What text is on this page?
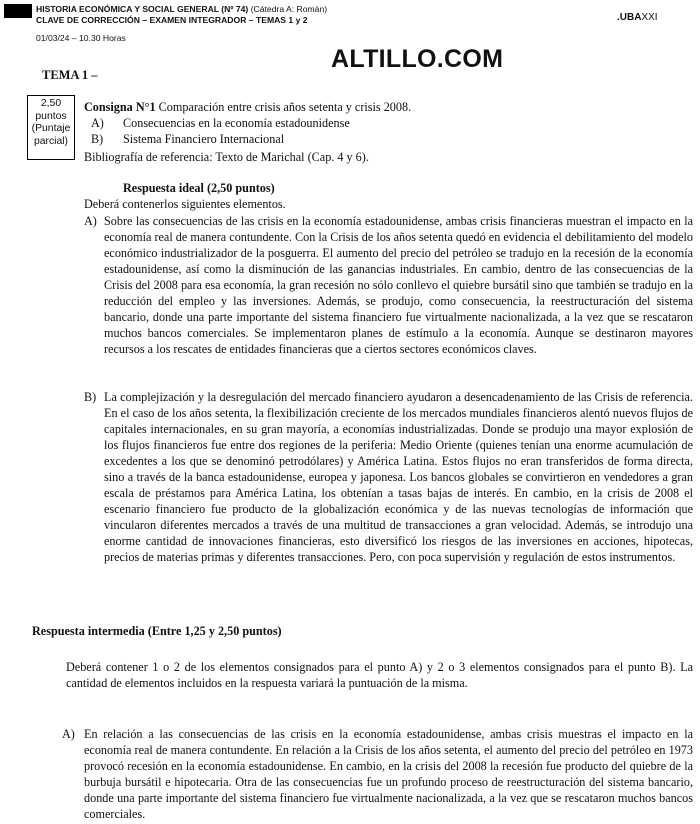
HISTORIA ECONÓMICA Y SOCIAL GENERAL (Nº 74) (Cátedra A: Román)
CLAVE DE CORRECCIÓN – EXAMEN INTEGRADOR – TEMAS 1 y 2
01/03/24 – 10.30 Horas
.UBAXXI
ALTILLO.COM
TEMA 1 –
2,50
puntos
(Puntaje
parcial)
Consigna N°1 Comparación entre crisis años setenta y crisis 2008.
A) Consecuencias en la economía estadounidense
B) Sistema Financiero Internacional
Bibliografía de referencia: Texto de Marichal (Cap. 4 y 6).
Respuesta ideal (2,50 puntos)
Deberá contenerlos siguientes elementos.
A) Sobre las consecuencias de las crisis en la economía estadounidense, ambas crisis financieras muestran el impacto en la economía real de manera contundente. Con la Crisis de los años setenta quedó en evidencia el debilitamiento del modelo económico industrializador de la posguerra. El aumento del precio del petróleo se tradujo en la recesión de la economía estadounidense, así como la disminución de las ganancias industriales. En cambio, dentro de las consecuencias de la Crisis del 2008 para esa economía, la gran recesión no sólo conllevo el quiebre bursátil sino que también se tradujo en la reducción del empleo y las inversiones. Además, se produjo, como consecuencia, la reestructuración del sistema bancario, donde una parte importante del sistema financiero fue virtualmente nacionalizada, a la vez que se rescataron muchos bancos comerciales. Se implementaron planes de estímulo a la economía. Aunque se destinaron mayores recursos a los rescates de entidades financieras que a ciertos sectores económicos claves.
B) La complejización y la desregulación del mercado financiero ayudaron a desencadenamiento de las Crisis de referencia. En el caso de los años setenta, la flexibilización creciente de los mercados mundiales financieros alentó nuevos flujos de capitales internacionales, en su gran mayoría, a economías industrializadas. Donde se produjo una mayor explosión de los flujos financieros fue entre dos regiones de la periferia: Medio Oriente (quienes tenían una enorme acumulación de excedentes a los que se denominó petrodólares) y América Latina. Estos flujos no eran transferidos de forma directa, sino a través de la banca estadounidense, europea y japonesa. Los bancos globales se convirtieron en vendedores a gran escala de préstamos para América Latina, los obtenían a tasas bajas de interés. En cambio, en la crisis de 2008 el escenario financiero fue producto de la globalización económica y de las nuevas tecnologías de información que vincularon diferentes mercados a través de una multitud de transacciones a gran velocidad. Además, se introdujo una enorme cantidad de innovaciones financieras, esto diversificó los riesgos de las inversiones en acciones, hipotecas, precios de materias primas y diferentes transacciones. Pero, con poca supervisión y regulación de estos instrumentos.
Respuesta intermedia (Entre 1,25 y 2,50 puntos)
Deberá contener 1 o 2 de los elementos consignados para el punto A) y 2 o 3 elementos consignados para el punto B). La cantidad de elementos incluidos en la respuesta variará la puntuación de la misma.
A) En relación a las consecuencias de las crisis en la economía estadounidense, ambas crisis muestras el impacto en la economía real de manera contundente. En relación a la Crisis de los años setenta, el aumento del precio del petróleo en 1973 provocó recesión en la economía estadounidense. En cambio, en la crisis del 2008 la recesión fue producto del quiebre de la burbuja bursátil e hipotecaria. Otra de las consecuencias fue un profundo proceso de reestructuración del sistema bancario, donde una parte importante del sistema financiero fue virtualmente nacionalizada, a la vez que se rescataron muchos bancos comerciales.
